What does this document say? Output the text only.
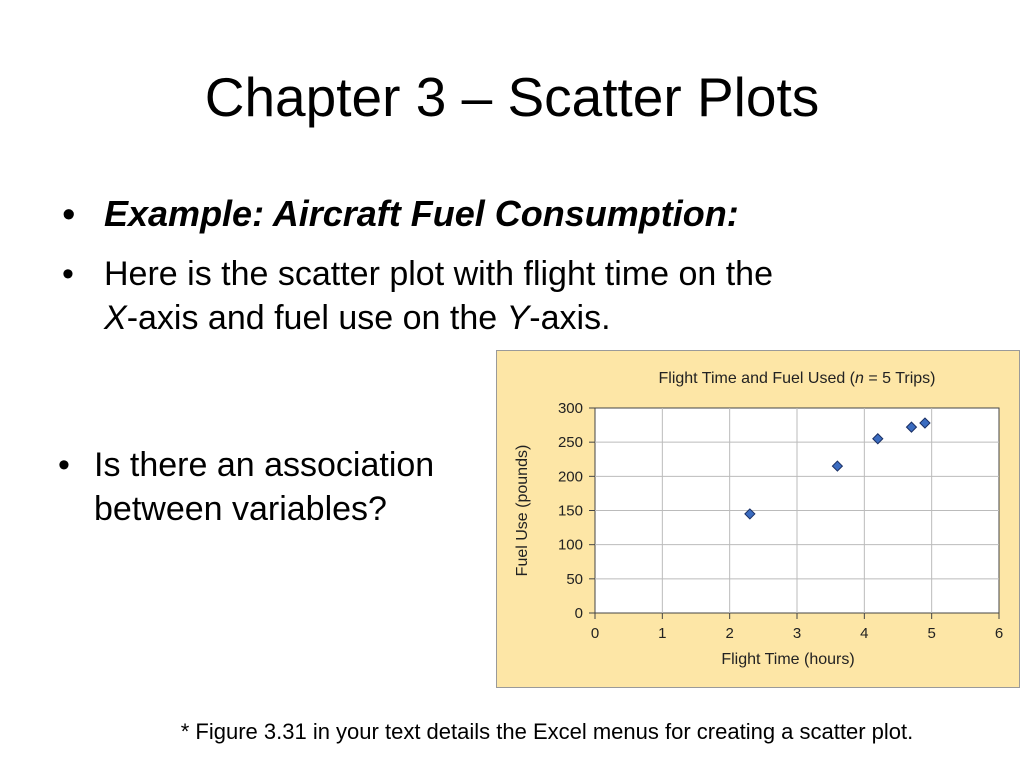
Chapter 3 – Scatter Plots
• Example: Aircraft Fuel Consumption:
• Here is the scatter plot with flight time on the
X-axis and fuel use on the Y-axis.
• Is there an association
between variables?
Flight Time and Fuel Used (n = 5 Trips)
0	1	2	3	4	5	6
0
50
100
150
200
250
300
Flight Time (hours)
Fuel Use (pounds)
* Figure 3.31 in your text details the Excel menus for creating a scatter plot.
